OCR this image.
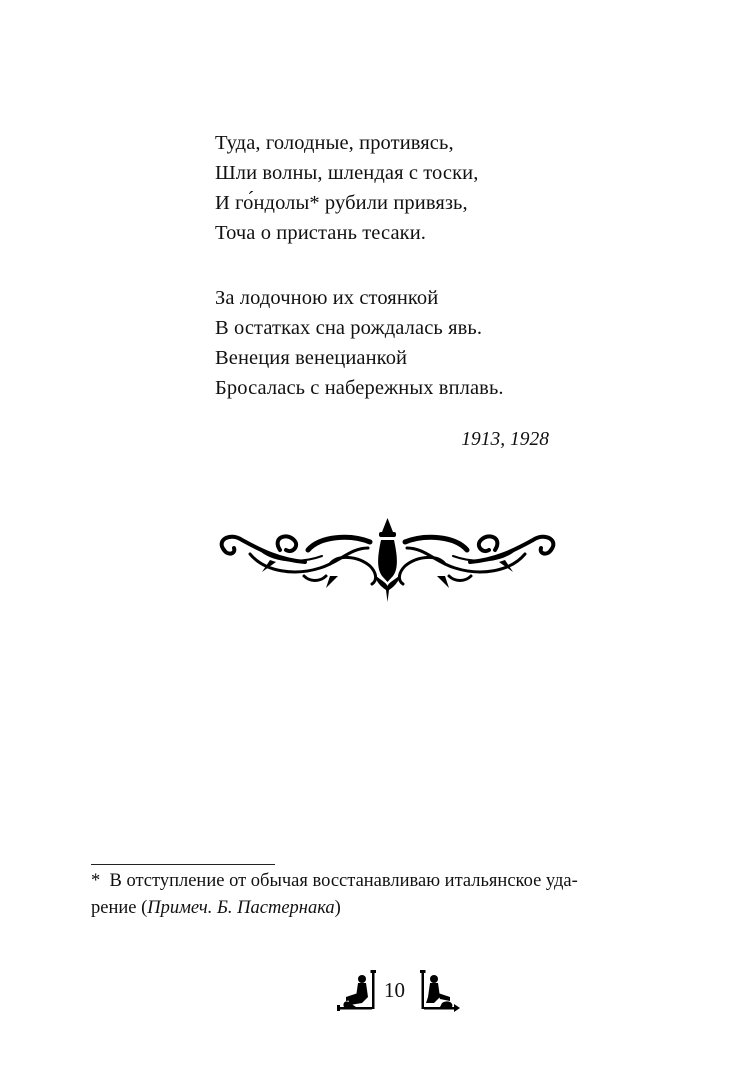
Туда, голодные, противясь,
Шли волны, шлендая с тоски,
И го́ндолы* рубили привязь,
Точа о пристань тесаки.
За лодочною их стоянкой
В остатках сна рождалась явь.
Венеция венецианкой
Бросалась с набережных вплавь.
1913, 1928
* В отступление от обычая восстанавливаю итальянское уда-
рение (Примеч. Б. Пастернака)
10
